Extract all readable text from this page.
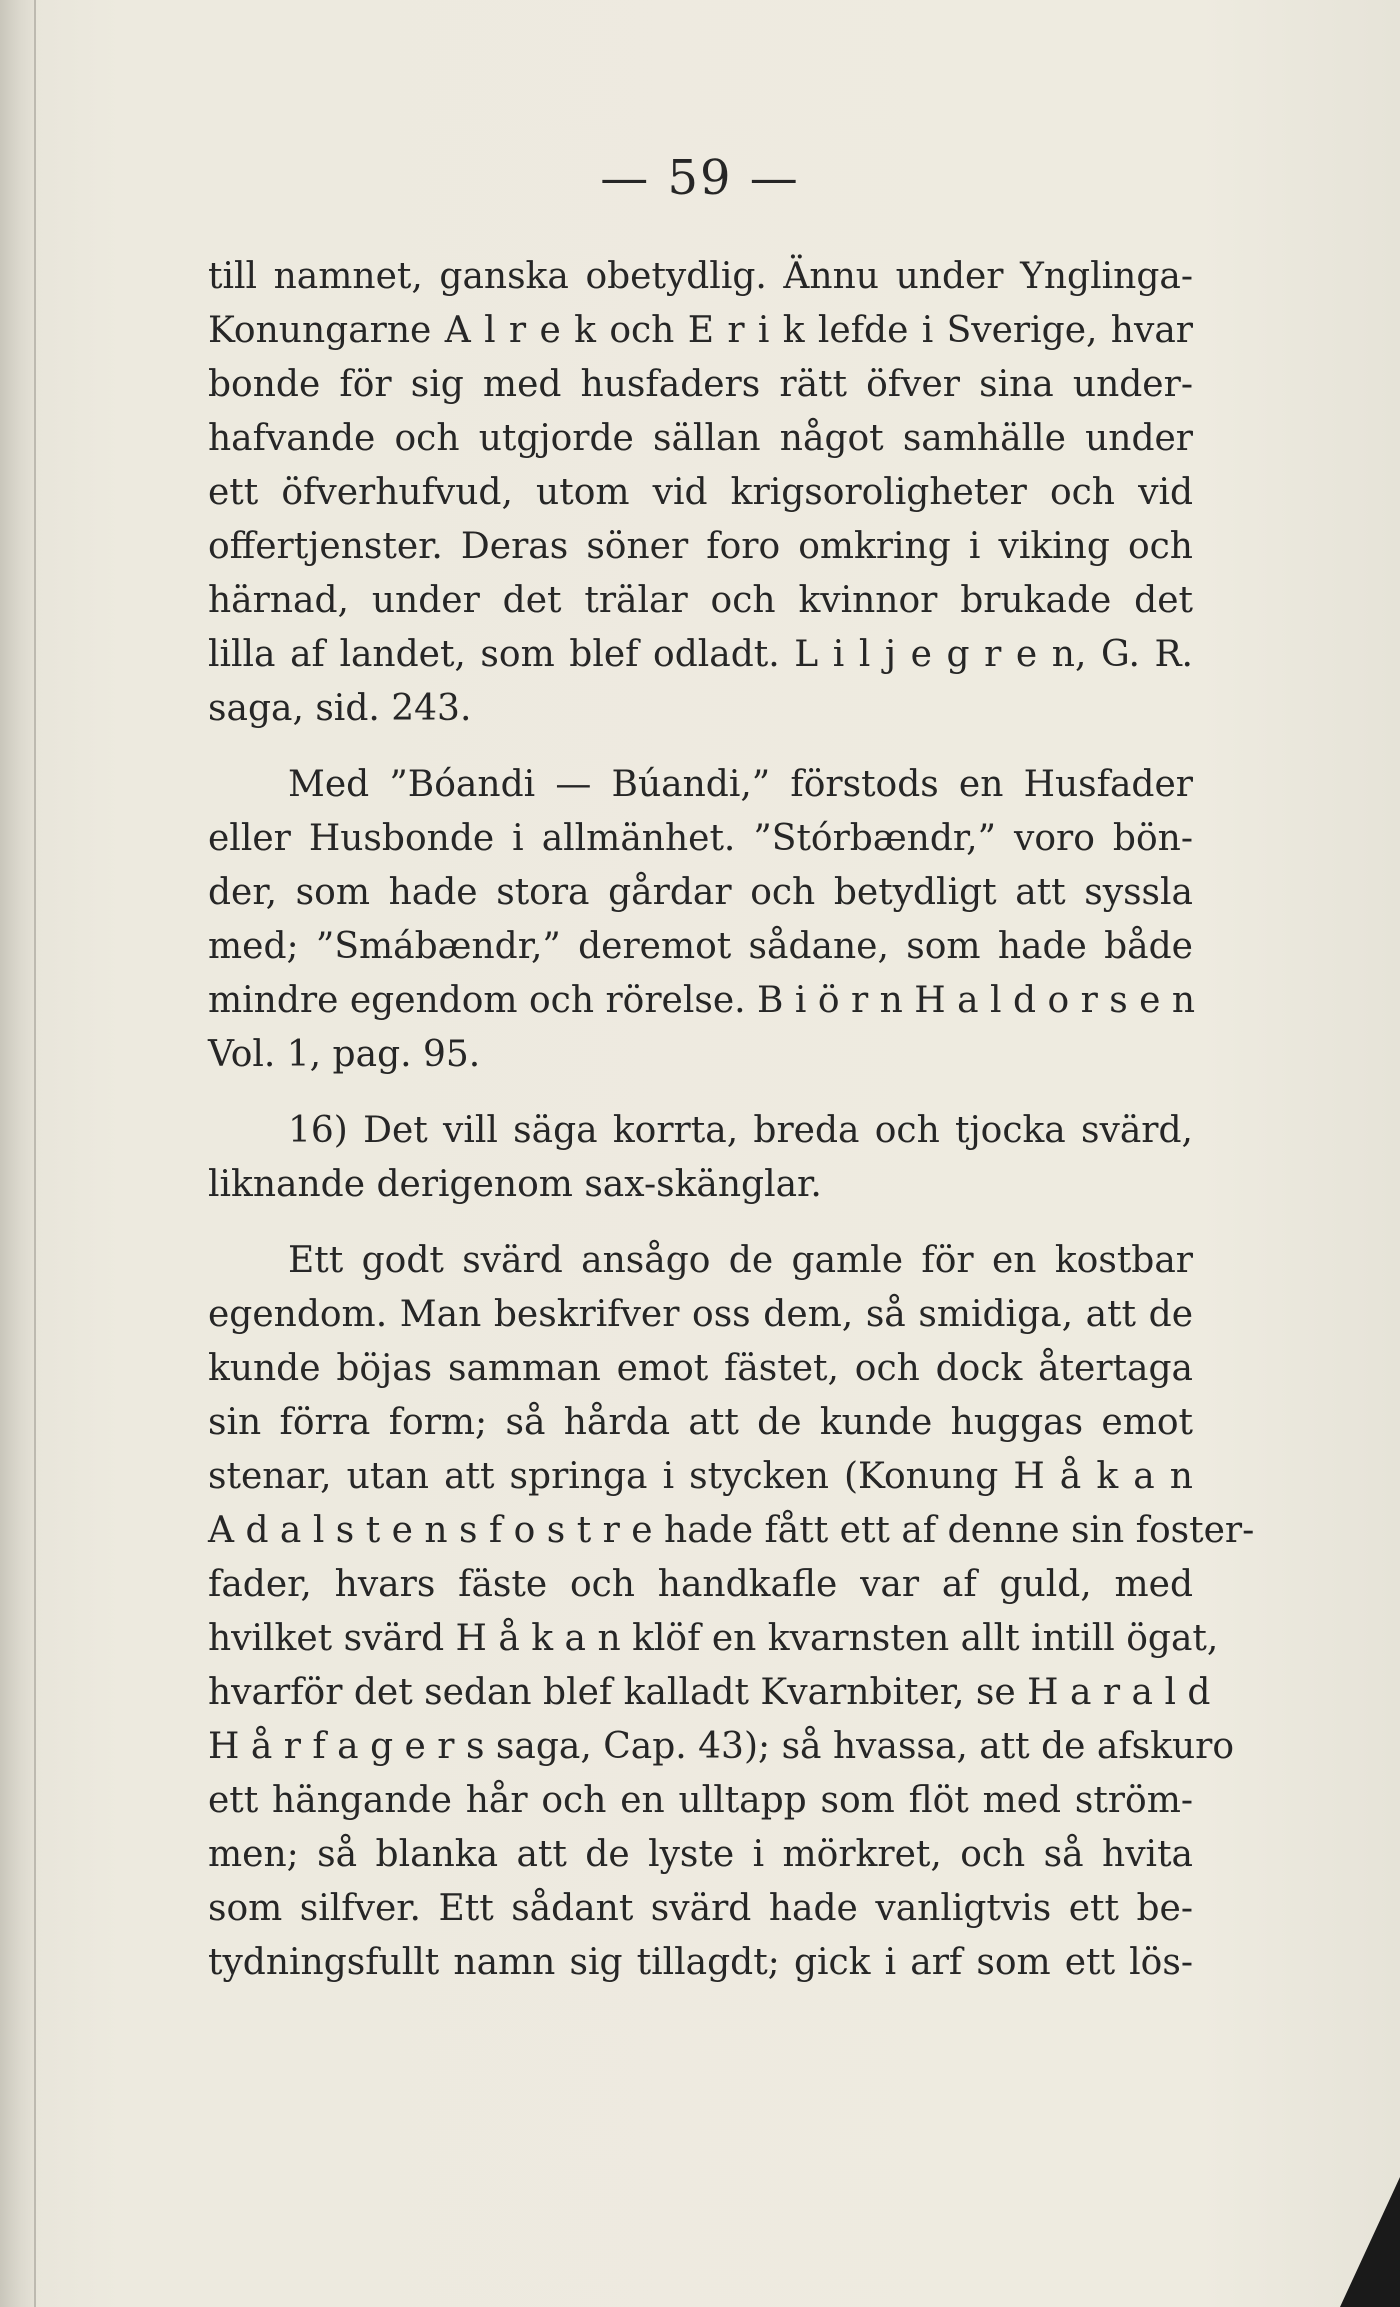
— 59 —
till namnet, ganska obetydlig. Ännu under Ynglinga-
Konungarne A l r e k och E r i k lefde i Sverige, hvar
bonde för sig med husfaders rätt öfver sina under-
hafvande och utgjorde sällan något samhälle under
ett öfverhufvud, utom vid krigsoroligheter och vid
offertjenster. Deras söner foro omkring i viking och
härnad, under det trälar och kvinnor brukade det
lilla af landet, som blef odladt. L i l j e g r e n, G. R.
saga, sid. 243.
Med ”Bóandi — Búandi,” förstods en Husfader
eller Husbonde i allmänhet. ”Stórbændr,” voro bön-
der, som hade stora gårdar och betydligt att syssla
med; ”Smábændr,” deremot sådane, som hade både
mindre egendom och rörelse. B i ö r n H a l d o r s e n
Vol. 1, pag. 95.
16) Det vill säga korrta, breda och tjocka svärd,
liknande derigenom sax-skänglar.
Ett godt svärd ansågo de gamle för en kostbar
egendom. Man beskrifver oss dem, så smidiga, att de
kunde böjas samman emot fästet, och dock återtaga
sin förra form; så hårda att de kunde huggas emot
stenar, utan att springa i stycken (Konung H å k a n
A d a l s t e n s f o s t r e hade fått ett af denne sin foster-
fader, hvars fäste och handkafle var af guld, med
hvilket svärd H å k a n klöf en kvarnsten allt intill ögat,
hvarför det sedan blef kalladt Kvarnbiter, se H a r a l d
H å r f a g e r s saga, Cap. 43); så hvassa, att de afskuro
ett hängande hår och en ulltapp som flöt med ström-
men; så blanka att de lyste i mörkret, och så hvita
som silfver. Ett sådant svärd hade vanligtvis ett be-
tydningsfullt namn sig tillagdt; gick i arf som ett lös-
